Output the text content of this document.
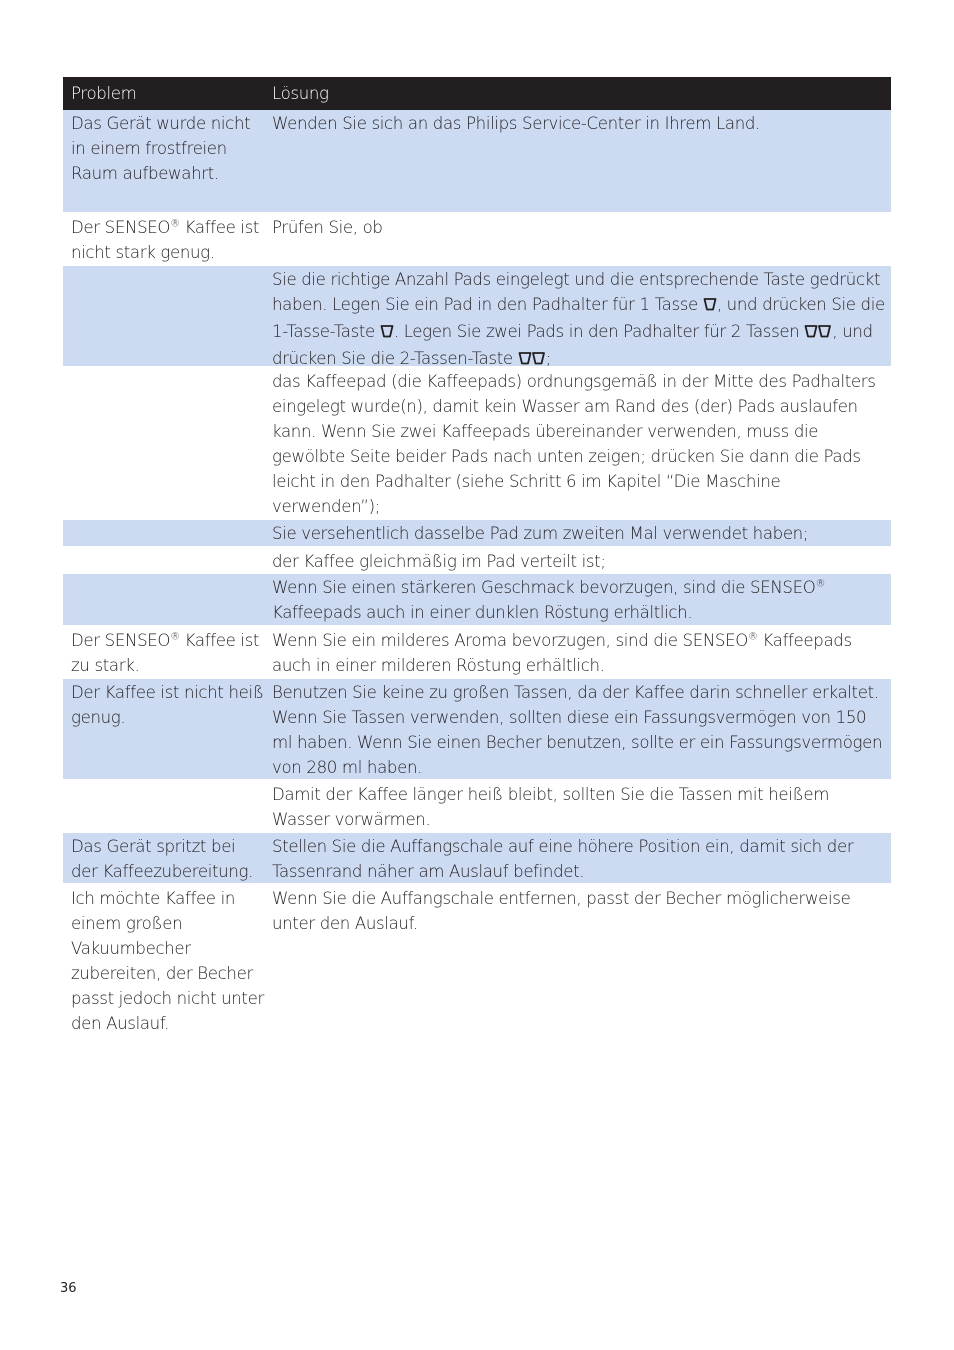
Problem	Lösung
Das Gerät wurde nicht in einem frostfreien Raum aufbewahrt.
Wenden Sie sich an das Philips Service-Center in Ihrem Land.
Der SENSEO® Kaffee ist nicht stark genug.
Prüfen Sie, ob
Sie die richtige Anzahl Pads eingelegt und die entsprechende Taste gedrückt haben. Legen Sie ein Pad in den Padhalter für 1 Tasse , und drücken Sie die 1-Tasse-Taste . Legen Sie zwei Pads in den Padhalter für 2 Tassen , und drücken Sie die 2-Tassen-Taste ;
das Kaffeepad (die Kaffeepads) ordnungsgemäß in der Mitte des Padhalters eingelegt wurde(n), damit kein Wasser am Rand des (der) Pads auslaufen kann. Wenn Sie zwei Kaffeepads übereinander verwenden, muss die gewölbte Seite beider Pads nach unten zeigen; drücken Sie dann die Pads leicht in den Padhalter (siehe Schritt 6 im Kapitel “Die Maschine verwenden”);
Sie versehentlich dasselbe Pad zum zweiten Mal verwendet haben;
der Kaffee gleichmäßig im Pad verteilt ist;
Wenn Sie einen stärkeren Geschmack bevorzugen, sind die SENSEO® Kaffeepads auch in einer dunklen Röstung erhältlich.
Der SENSEO® Kaffee ist zu stark.
Wenn Sie ein milderes Aroma bevorzugen, sind die SENSEO® Kaffeepads auch in einer milderen Röstung erhältlich.
Der Kaffee ist nicht heiß genug.
Benutzen Sie keine zu großen Tassen, da der Kaffee darin schneller erkaltet. Wenn Sie Tassen verwenden, sollten diese ein Fassungsvermögen von 150 ml haben. Wenn Sie einen Becher benutzen, sollte er ein Fassungsvermögen von 280 ml haben.
Damit der Kaffee länger heiß bleibt, sollten Sie die Tassen mit heißem Wasser vorwärmen.
Das Gerät spritzt bei der Kaffeezubereitung.
Stellen Sie die Auffangschale auf eine höhere Position ein, damit sich der Tassenrand näher am Auslauf befindet.
Ich möchte Kaffee in einem großen Vakuumbecher zubereiten, der Becher passt jedoch nicht unter den Auslauf.
Wenn Sie die Auffangschale entfernen, passt der Becher möglicherweise unter den Auslauf.
36
